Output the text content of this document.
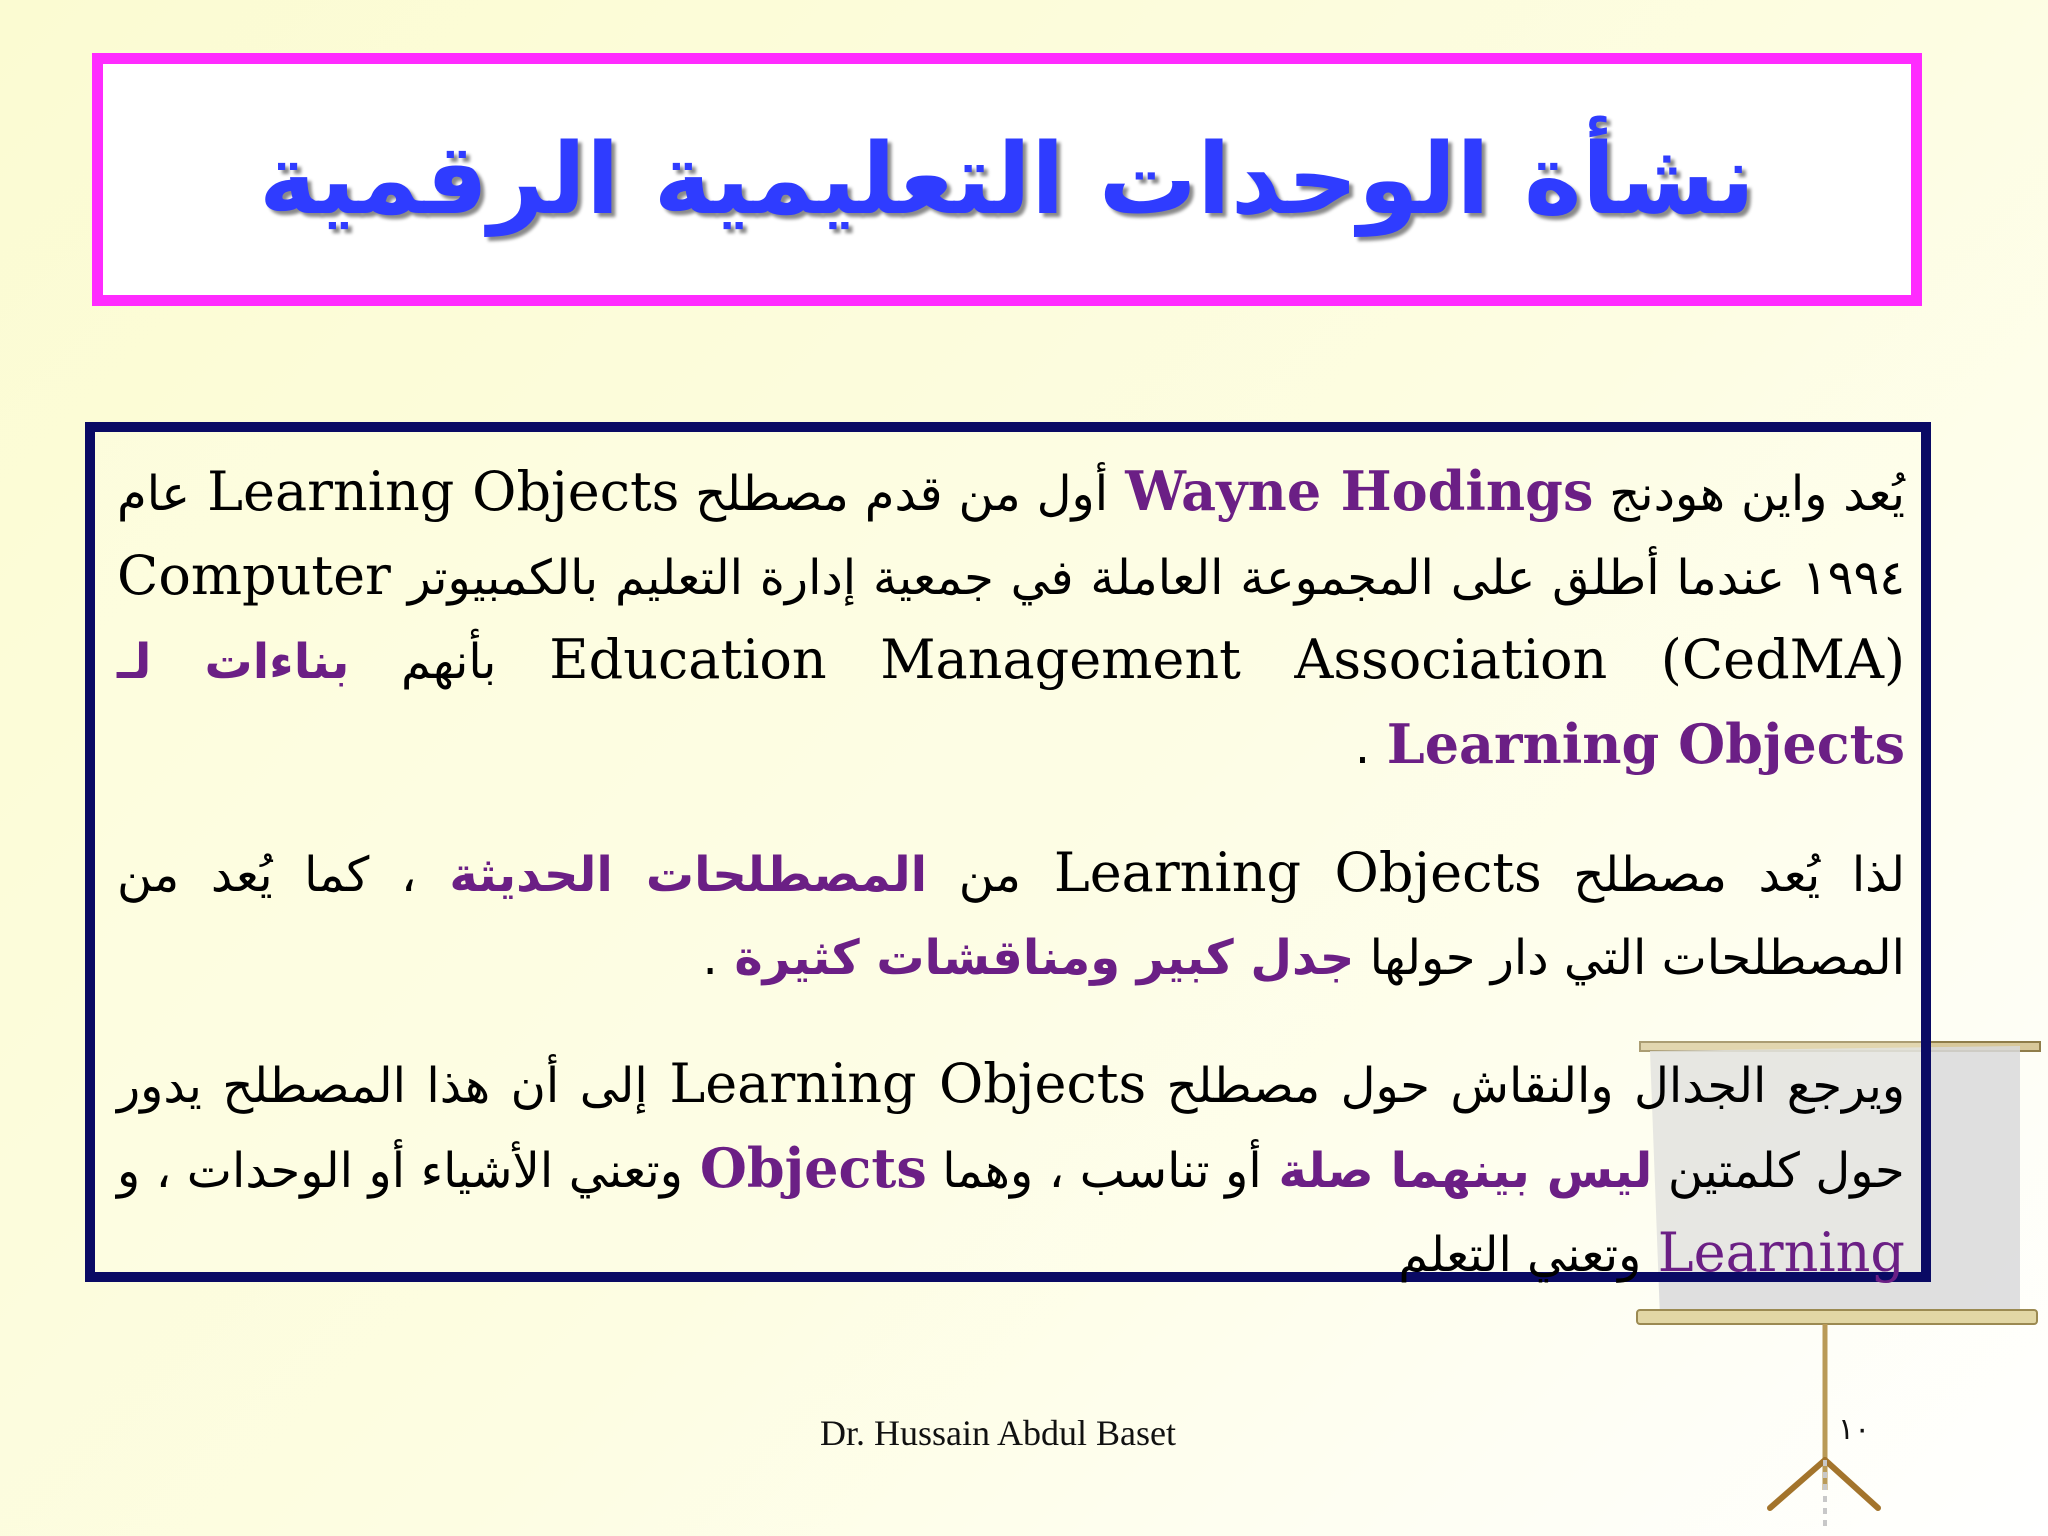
نشأة الوحدات التعليمية الرقمية

يُعد واين هودنج Wayne Hodings أول من قدم مصطلح Learning Objects عام ١٩٩٤ عندما أطلق على المجموعة العاملة في جمعية إدارة التعليم بالكمبيوتر Computer Education Management Association (CedMA) بأنهم بناءات لـ Learning Objects .

لذا يُعد مصطلح Learning Objects من المصطلحات الحديثة ، كما يُعد من المصطلحات التي دار حولها جدل كبير ومناقشات كثيرة .

ويرجع الجدال والنقاش حول مصطلح Learning Objects إلى أن هذا المصطلح يدور حول كلمتين ليس بينهما صلة أو تناسب ، وهما Objects وتعني الأشياء أو الوحدات ، و Learning وتعني التعلم

Dr. Hussain Abdul Baset	١٠
